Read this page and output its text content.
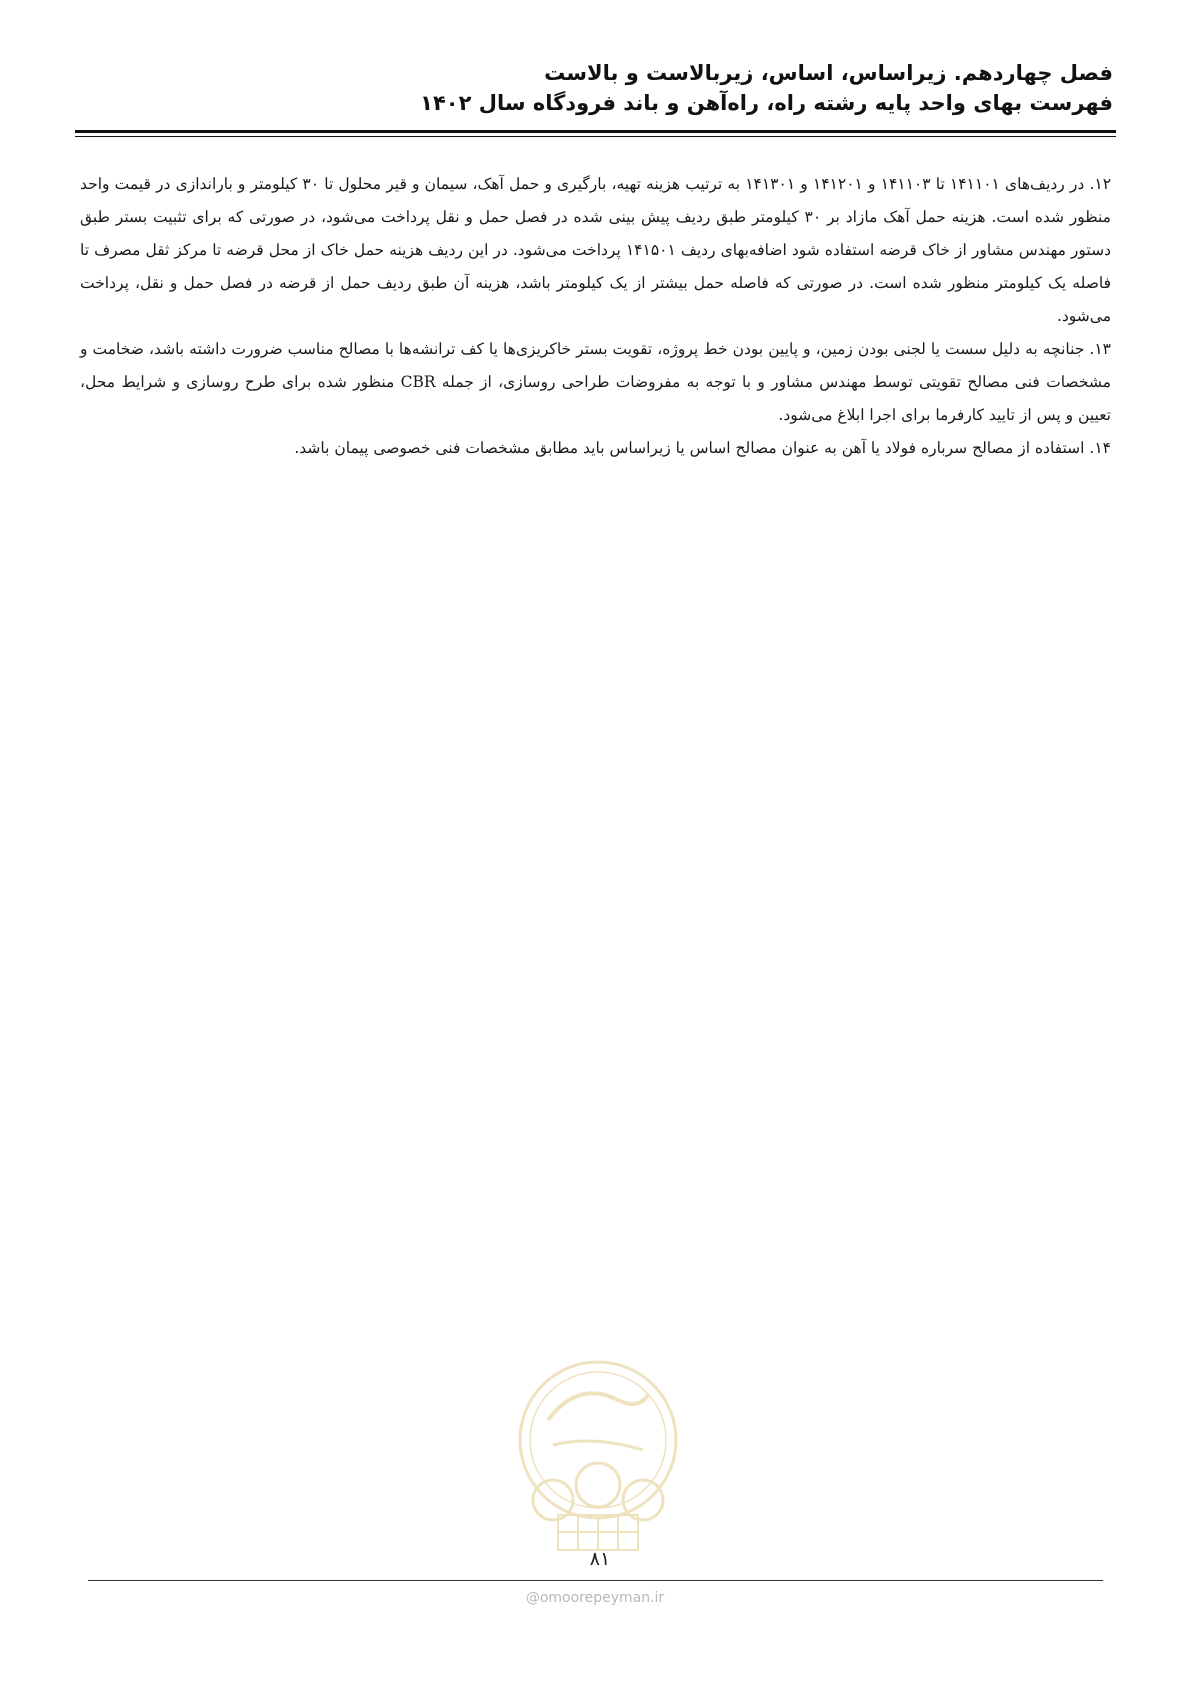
فصل چهاردهم. زیراساس، اساس، زیربالاست و بالاست
فهرست بهای واحد پایه رشته راه، راه‌آهن و باند فرودگاه سال ۱۴۰۲

۱۲. در ردیف‌های ۱۴۱۱۰۱ تا ۱۴۱۱۰۳ و ۱۴۱۲۰۱ و ۱۴۱۳۰۱ به ترتیب هزینه تهیه، بارگیری و حمل آهک، سیمان و قیر محلول تا ۳۰ کیلومتر و باراندازی در قیمت واحد منظور شده است. هزینه حمل آهک مازاد بر ۳۰ کیلومتر طبق ردیف پیش بینی شده در فصل حمل و نقل پرداخت می‌شود، در صورتی که برای تثبیت بستر طبق دستور مهندس مشاور از خاک قرضه استفاده شود اضافه‌بهای ردیف ۱۴۱۵۰۱ پرداخت می‌شود. در این ردیف هزینه حمل خاک از محل قرضه تا مرکز ثقل مصرف تا فاصله یک کیلومتر منظور شده است. در صورتی که فاصله حمل بیشتر از یک کیلومتر باشد، هزینه آن طبق ردیف حمل از قرضه در فصل حمل و نقل، پرداخت می‌شود.

۱۳. جنانچه به دلیل سست یا لجنی بودن زمین، و پایین بودن خط پروژه، تقویت بستر خاکریزی‌ها یا کف ترانشه‌ها با مصالح مناسب ضرورت داشته باشد، ضخامت و مشخصات فنی مصالح تقویتی توسط مهندس مشاور و با توجه به مفروضات طراحی روسازی، از جمله CBR منظور شده برای طرح روسازی و شرایط محل، تعیین و پس از تایید کارفرما برای اجرا ابلاغ می‌شود.

۱۴. استفاده از مصالح سرباره فولاد یا آهن به عنوان مصالح اساس یا زیراساس باید مطابق مشخصات فنی خصوصی پیمان باشد.

۸۱
@omoorepeyman.ir
